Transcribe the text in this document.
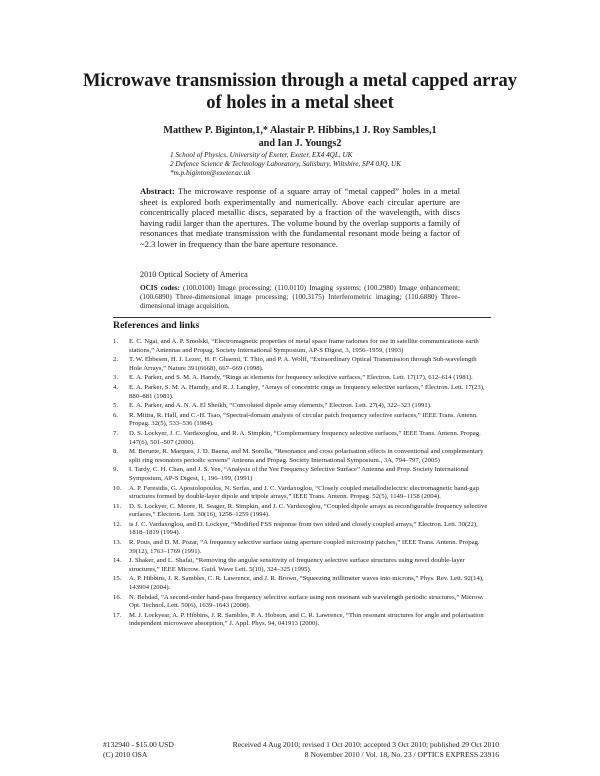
Microwave transmission through a metal capped array of holes in a metal sheet
Matthew P. Biginton,1,* Alastair P. Hibbins,1 J. Roy Sambles,1
and Ian J. Youngs2
1 School of Physics, University of Exeter, Exeter, EX4 4QL, UK
2 Defence Science & Technology Laboratory, Salisbury, Wiltshire, SP4 0JQ, UK
*m.p.biginton@exeter.ac.uk
Abstract: The microwave response of a square array of “metal capped” holes in a metal sheet is explored both experimentally and numerically. Above each circular aperture are concentrically placed metallic discs, separated by a fraction of the wavelength, with discs having radii larger than the apertures. The volume bound by the overlap supports a family of resonances that mediate transmission with the fundamental resonant mode being a factor of ~2.3 lower in frequency than the bare aperture resonance.
2010 Optical Society of America
OCIS codes: (100.0100) Image processing; (110.0110) Imaging systems; (100.2980) Image enhancement; (100.6890) Three-dimensional image processing; (100.3175) Interferometric imaging; (110.6880) Three-dimensional image acquisition.
References and links
1. E. C. Ngai, and A. P. Smolski, “Electromagnetic properties of metal space frame radomes for use in satellite communications earth stations,” Antennas and Propag. Society International Symposium, AP-S Digest, 3, 1956–1959, (1993)
2. T. W. Ebbesen, H. J. Lezec, H. F. Ghaemi, T. Thio, and P. A. Wolff, “Extraordinary Optical Transmission through Sub-wavelength Hole Arrays,” Nature 391(6668), 667–669 (1998).
3. E. A. Parker, and S. M. A. Hamdy, “Rings as elements for frequency selective surfaces,” Electron. Lett. 17(17), 612–614 (1981).
4. E. A. Parker, S. M. A. Hamdy, and R. J. Langley, “Arrays of concentric rings as frequency selective surfaces,” Electron. Lett. 17(23), 880–881 (1981).
5. E. A. Parker, and A. N. A. El Sheikh, “Convoluted dipole array elements,” Electron. Lett. 27(4), 322–323 (1991).
6. R. Mittra, R. Hall, and C.-H. Tsao, “Spectral-domain analysis of circular patch frequency selective surfaces,” IEEE Trans. Antenn. Propag. 32(5), 533–536 (1984).
7. D. S. Lockyer, J. C. Vardaxoglou, and R. A. Simpkin, “Complementary frequency selective surfaces,” IEEE Trans. Antenn. Propag. 147(6), 501–507 (2000).
8. M. Beruete, R. Marques, J. D. Baena, and M. Sorolla, “Resonance and cross polarisation effects in conventional and complementary split ring resonators periodic screens” Antenna and Propag. Society International Symposium., 3A, 794–797, (2005)
9. I. Tardy, C. H. Chan, and J. S. Yee, “Analysis of the Yee Frequency Selective Surface” Antenna and Prop. Society International Symposium, AP-S Digest, 1, 196–199, (1991)
10. A. P. Feresidis, G. Apostolopoulos, N. Serfas, and J. C. Vardaxoglou, “Closely coupled metallodielectric electromagnetic band-gap structures formed by double-layer dipole and tripole arrays,” IEEE Trans. Antenn. Propag. 52(5), 1149–1158 (2004).
11. D. S. Lockyer, C. Moore, R. Seager, R. Simpkin, and J. C. Vardaxoglou, “Coupled dipole arrays as reconfigurable frequency selective surfaces,” Electron. Lett. 30(16), 1258–1259 (1994).
12. is J. C. Vardaxoglou, and D. Lockyer, “Modified FSS response from two sided and closely coupled arrays,” Electron. Lett. 30(22), 1818–1819 (1994).
13. R. Pous, and D. M. Pozar, “A frequency selective surface using aperture coupled microstrip patches,” IEEE Trans. Antenn. Propag. 39(12), 1763–1769 (1991).
14. J. Shaker, and L. Shafai, “Removing the angular sensitivity of frequency selective surface structures using novel double-layer structures,” IEEE Microw. Guid. Wave Lett. 5(10), 324–325 (1995).
15. A. P. Hibbins, J. R. Sambles, C. R. Lawrence, and J. R. Brown, “Squeezing millimeter waves into microns,” Phys. Rev. Lett. 92(14), 143904 (2004).
16. N. Behdad, “A second-order band-pass frequency selective surface using non resonant sub wavelength periodic structures,” Microw. Opt. Technol. Lett. 50(6), 1639–1643 (2008).
17. M. J. Lockyear, A. P. Hibbins, J. R. Sambles, P. A. Hobson, and C. R. Lawrence, “Thin resonant structures for angle and polarisation independent microwave absorption,” J. Appl. Phys. 94, 041913 (2000).
#132940 - $15.00 USD	Received 4 Aug 2010; revised 1 Oct 2010; accepted 3 Oct 2010; published 29 Oct 2010
(C) 2010 OSA	8 November 2010 / Vol. 18, No. 23 / OPTICS EXPRESS 23916
